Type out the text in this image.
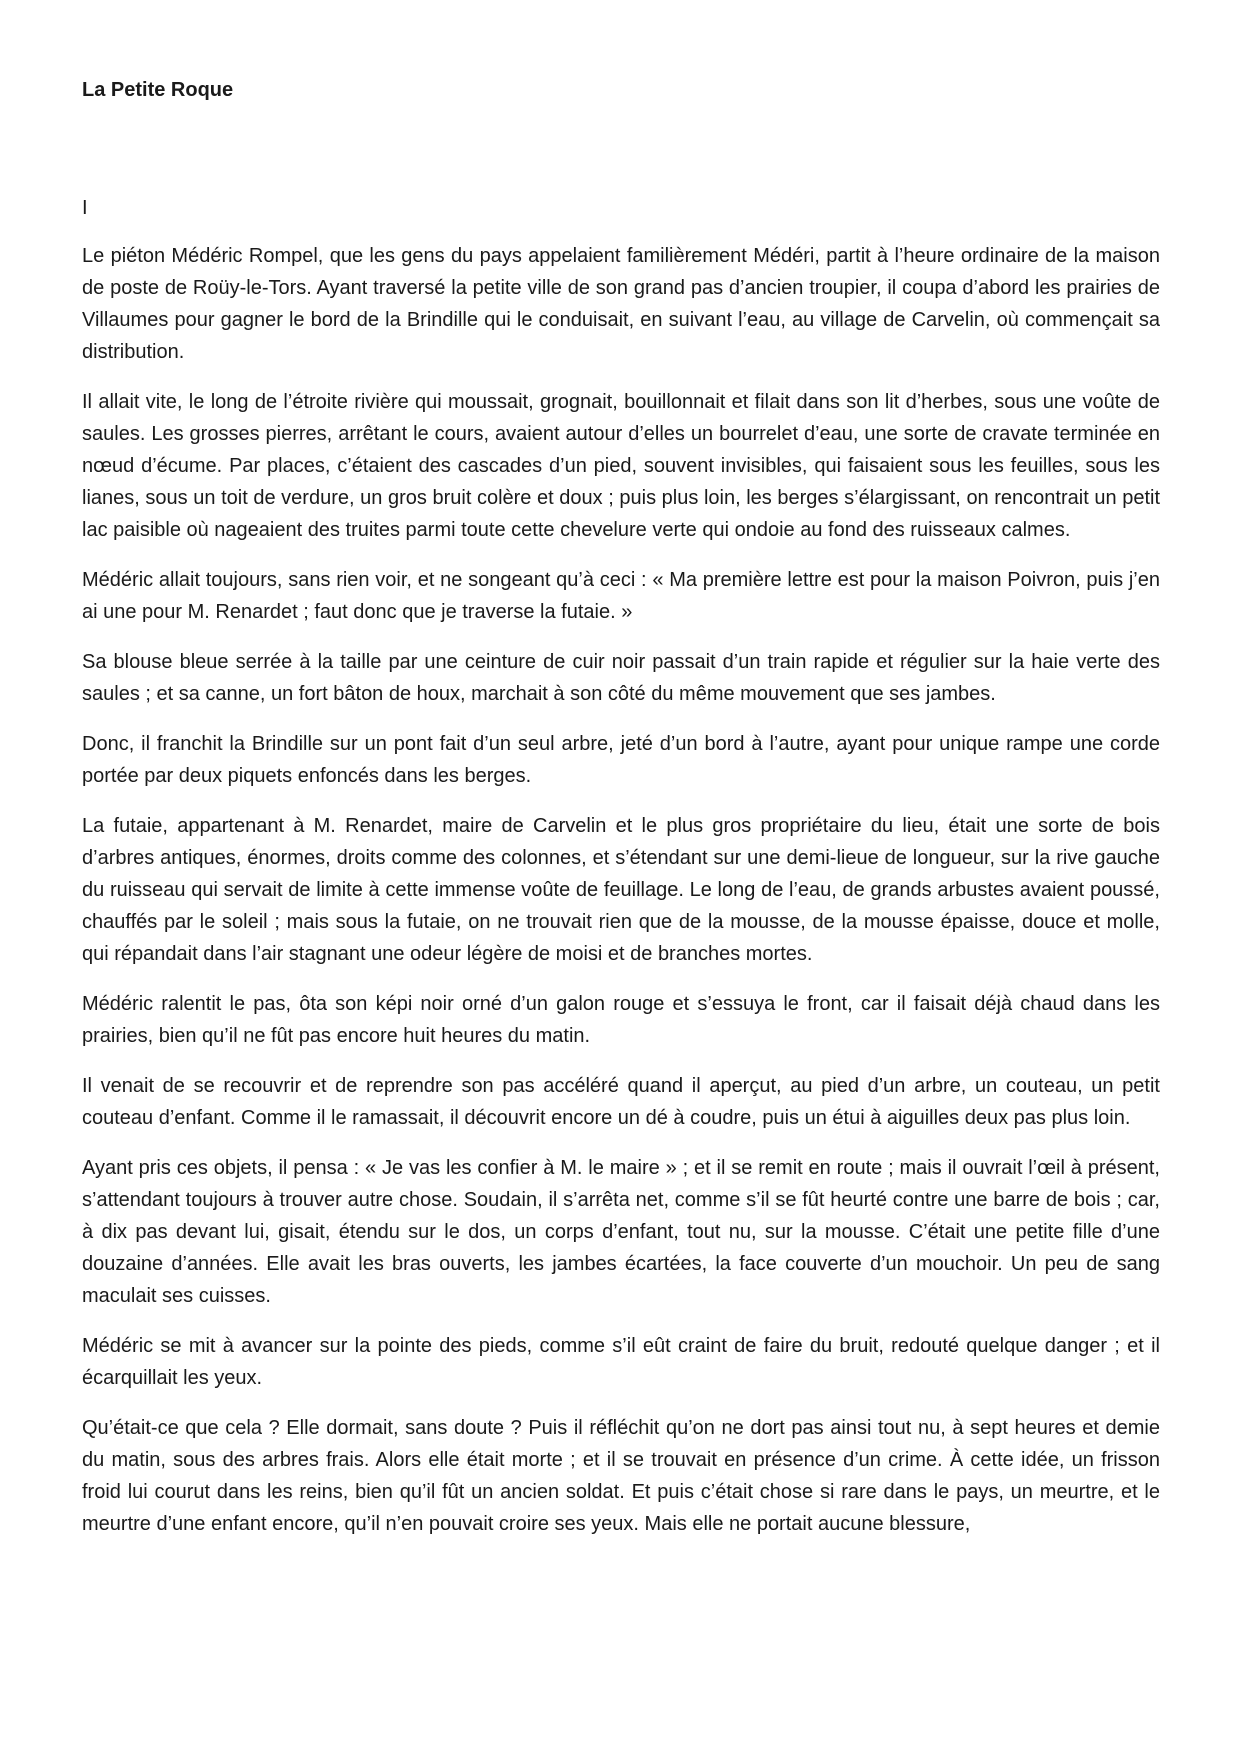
La Petite Roque

I

Le piéton Médéric Rompel, que les gens du pays appelaient familièrement Médéri, partit à l’heure ordinaire de la maison de poste de Roüy-le-Tors. Ayant traversé la petite ville de son grand pas d’ancien troupier, il coupa d’abord les prairies de Villaumes pour gagner le bord de la Brindille qui le conduisait, en suivant l’eau, au village de Carvelin, où commençait sa distribution.

Il allait vite, le long de l’étroite rivière qui moussait, grognait, bouillonnait et filait dans son lit d’herbes, sous une voûte de saules. Les grosses pierres, arrêtant le cours, avaient autour d’elles un bourrelet d’eau, une sorte de cravate terminée en nœud d’écume. Par places, c’étaient des cascades d’un pied, souvent invisibles, qui faisaient sous les feuilles, sous les lianes, sous un toit de verdure, un gros bruit colère et doux ; puis plus loin, les berges s’élargissant, on rencontrait un petit lac paisible où nageaient des truites parmi toute cette chevelure verte qui ondoie au fond des ruisseaux calmes.

Médéric allait toujours, sans rien voir, et ne songeant qu’à ceci : « Ma première lettre est pour la maison Poivron, puis j’en ai une pour M. Renardet ; faut donc que je traverse la futaie. »

Sa blouse bleue serrée à la taille par une ceinture de cuir noir passait d’un train rapide et régulier sur la haie verte des saules ; et sa canne, un fort bâton de houx, marchait à son côté du même mouvement que ses jambes.

Donc, il franchit la Brindille sur un pont fait d’un seul arbre, jeté d’un bord à l’autre, ayant pour unique rampe une corde portée par deux piquets enfoncés dans les berges.

La futaie, appartenant à M. Renardet, maire de Carvelin et le plus gros propriétaire du lieu, était une sorte de bois d’arbres antiques, énormes, droits comme des colonnes, et s’étendant sur une demi-lieue de longueur, sur la rive gauche du ruisseau qui servait de limite à cette immense voûte de feuillage. Le long de l’eau, de grands arbustes avaient poussé, chauffés par le soleil ; mais sous la futaie, on ne trouvait rien que de la mousse, de la mousse épaisse, douce et molle, qui répandait dans l’air stagnant une odeur légère de moisi et de branches mortes.

Médéric ralentit le pas, ôta son képi noir orné d’un galon rouge et s’essuya le front, car il faisait déjà chaud dans les prairies, bien qu’il ne fût pas encore huit heures du matin.

Il venait de se recouvrir et de reprendre son pas accéléré quand il aperçut, au pied d’un arbre, un couteau, un petit couteau d’enfant. Comme il le ramassait, il découvrit encore un dé à coudre, puis un étui à aiguilles deux pas plus loin.

Ayant pris ces objets, il pensa : « Je vas les confier à M. le maire » ; et il se remit en route ; mais il ouvrait l’œil à présent, s’attendant toujours à trouver autre chose. Soudain, il s’arrêta net, comme s’il se fût heurté contre une barre de bois ; car, à dix pas devant lui, gisait, étendu sur le dos, un corps d’enfant, tout nu, sur la mousse. C’était une petite fille d’une douzaine d’années. Elle avait les bras ouverts, les jambes écartées, la face couverte d’un mouchoir. Un peu de sang maculait ses cuisses.

Médéric se mit à avancer sur la pointe des pieds, comme s’il eût craint de faire du bruit, redouté quelque danger ; et il écarquillait les yeux.

Qu’était-ce que cela ? Elle dormait, sans doute ? Puis il réfléchit qu’on ne dort pas ainsi tout nu, à sept heures et demie du matin, sous des arbres frais. Alors elle était morte ; et il se trouvait en présence d’un crime. À cette idée, un frisson froid lui courut dans les reins, bien qu’il fût un ancien soldat. Et puis c’était chose si rare dans le pays, un meurtre, et le meurtre d’une enfant encore, qu’il n’en pouvait croire ses yeux. Mais elle ne portait aucune blessure,
